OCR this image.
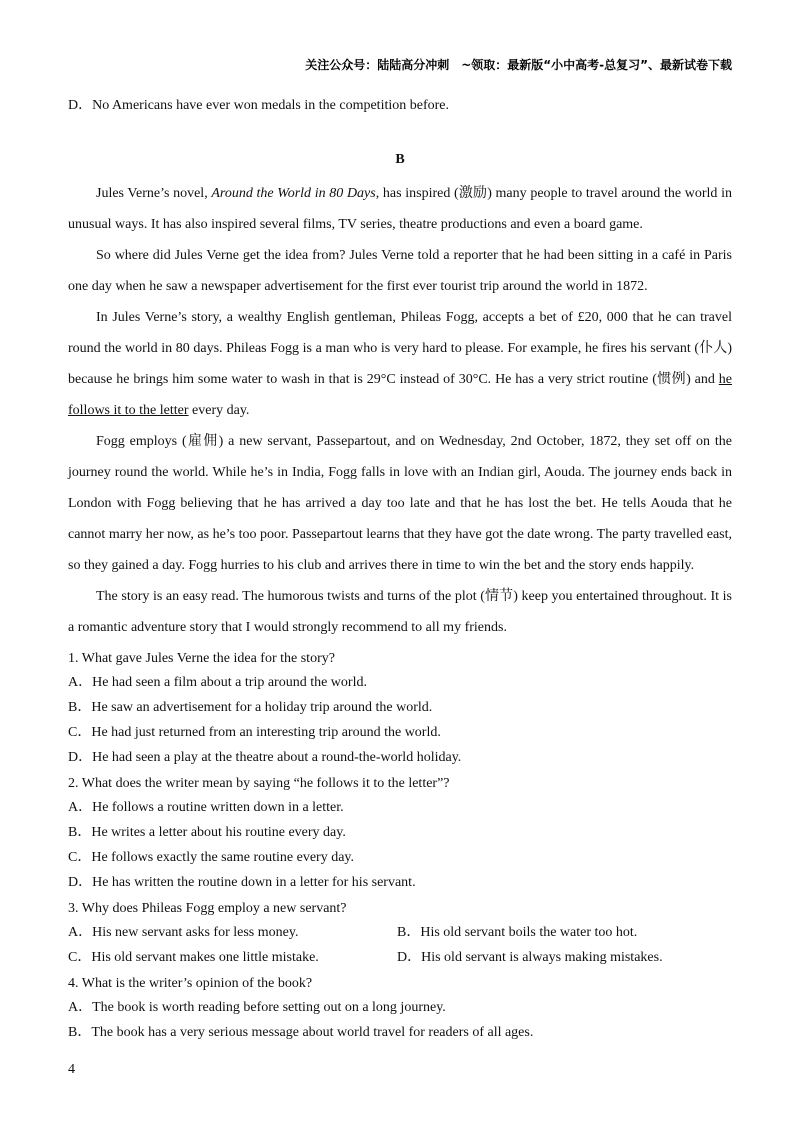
关注公众号：陆陆高分冲刺　~领取：最新版“小中高考-总复习”、最新试卷下载
D．No Americans have ever won medals in the competition before.
B
Jules Verne’s novel, Around the World in 80 Days, has inspired (激励) many people to travel around the world in unusual ways. It has also inspired several films, TV series, theatre productions and even a board game.
So where did Jules Verne get the idea from? Jules Verne told a reporter that he had been sitting in a café in Paris one day when he saw a newspaper advertisement for the first ever tourist trip around the world in 1872.
In Jules Verne’s story, a wealthy English gentleman, Phileas Fogg, accepts a bet of £20, 000 that he can travel round the world in 80 days. Phileas Fogg is a man who is very hard to please. For example, he fires his servant (仆人) because he brings him some water to wash in that is 29°C instead of 30°C. He has a very strict routine (惯例) and he follows it to the letter every day.
Fogg employs (雇佣) a new servant, Passepartout, and on Wednesday, 2nd October, 1872, they set off on the journey round the world. While he’s in India, Fogg falls in love with an Indian girl, Aouda. The journey ends back in London with Fogg believing that he has arrived a day too late and that he has lost the bet. He tells Aouda that he cannot marry her now, as he’s too poor. Passepartout learns that they have got the date wrong. The party travelled east, so they gained a day. Fogg hurries to his club and arrives there in time to win the bet and the story ends happily.
The story is an easy read. The humorous twists and turns of the plot (情节) keep you entertained throughout. It is a romantic adventure story that I would strongly recommend to all my friends.
1. What gave Jules Verne the idea for the story?
A．He had seen a film about a trip around the world.
B．He saw an advertisement for a holiday trip around the world.
C．He had just returned from an interesting trip around the world.
D．He had seen a play at the theatre about a round-the-world holiday.
2. What does the writer mean by saying “he follows it to the letter”?
A．He follows a routine written down in a letter.
B．He writes a letter about his routine every day.
C．He follows exactly the same routine every day.
D．He has written the routine down in a letter for his servant.
3. Why does Phileas Fogg employ a new servant?
A．His new servant asks for less money.	B．His old servant boils the water too hot.
C．His old servant makes one little mistake.	D．His old servant is always making mistakes.
4. What is the writer’s opinion of the book?
A．The book is worth reading before setting out on a long journey.
B．The book has a very serious message about world travel for readers of all ages.
4
